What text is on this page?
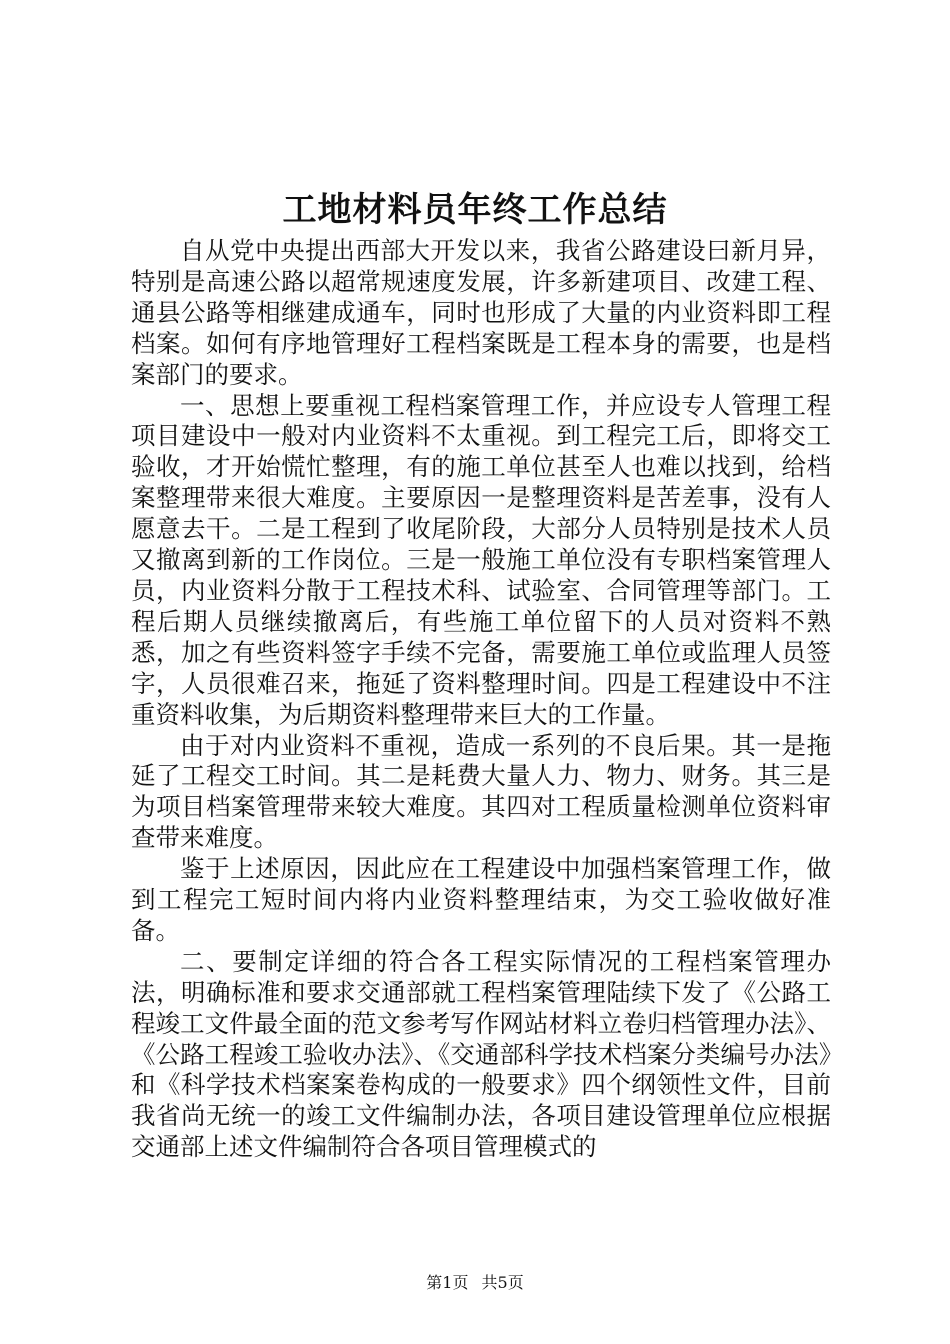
工地材料员年终工作总结

自从党中央提出西部大开发以来，我省公路建设曰新月异，特别是高速公路以超常规速度发展，许多新建项目、改建工程、通县公路等相继建成通车，同时也形成了大量的内业资料即工程档案。如何有序地管理好工程档案既是工程本身的需要，也是档案部门的要求。

一、思想上要重视工程档案管理工作，并应设专人管理工程项目建设中一般对内业资料不太重视。到工程完工后，即将交工验收，才开始慌忙整理，有的施工单位甚至人也难以找到，给档案整理带来很大难度。主要原因一是整理资料是苦差事，没有人愿意去干。二是工程到了收尾阶段，大部分人员特别是技术人员又撤离到新的工作岗位。三是一般施工单位没有专职档案管理人员，内业资料分散于工程技术科、试验室、合同管理等部门。工程后期人员继续撤离后，有些施工单位留下的人员对资料不熟悉，加之有些资料签字手续不完备，需要施工单位或监理人员签字，人员很难召来，拖延了资料整理时间。四是工程建设中不注重资料收集，为后期资料整理带来巨大的工作量。

由于对内业资料不重视，造成一系列的不良后果。其一是拖延了工程交工时间。其二是耗费大量人力、物力、财务。其三是为项目档案管理带来较大难度。其四对工程质量检测单位资料审查带来难度。

鉴于上述原因，因此应在工程建设中加强档案管理工作，做到工程完工短时间内将内业资料整理结束，为交工验收做好准备。

二、要制定详细的符合各工程实际情况的工程档案管理办法，明确标准和要求交通部就工程档案管理陆续下发了《公路工程竣工文件最全面的范文参考写作网站材料立卷归档管理办法》、《公路工程竣工验收办法》、《交通部科学技术档案分类编号办法》和《科学技术档案案卷构成的一般要求》四个纲领性文件，目前我省尚无统一的竣工文件编制办法，各项目建设管理单位应根据交通部上述文件编制符合各项目管理模式的

第1页 共5页
